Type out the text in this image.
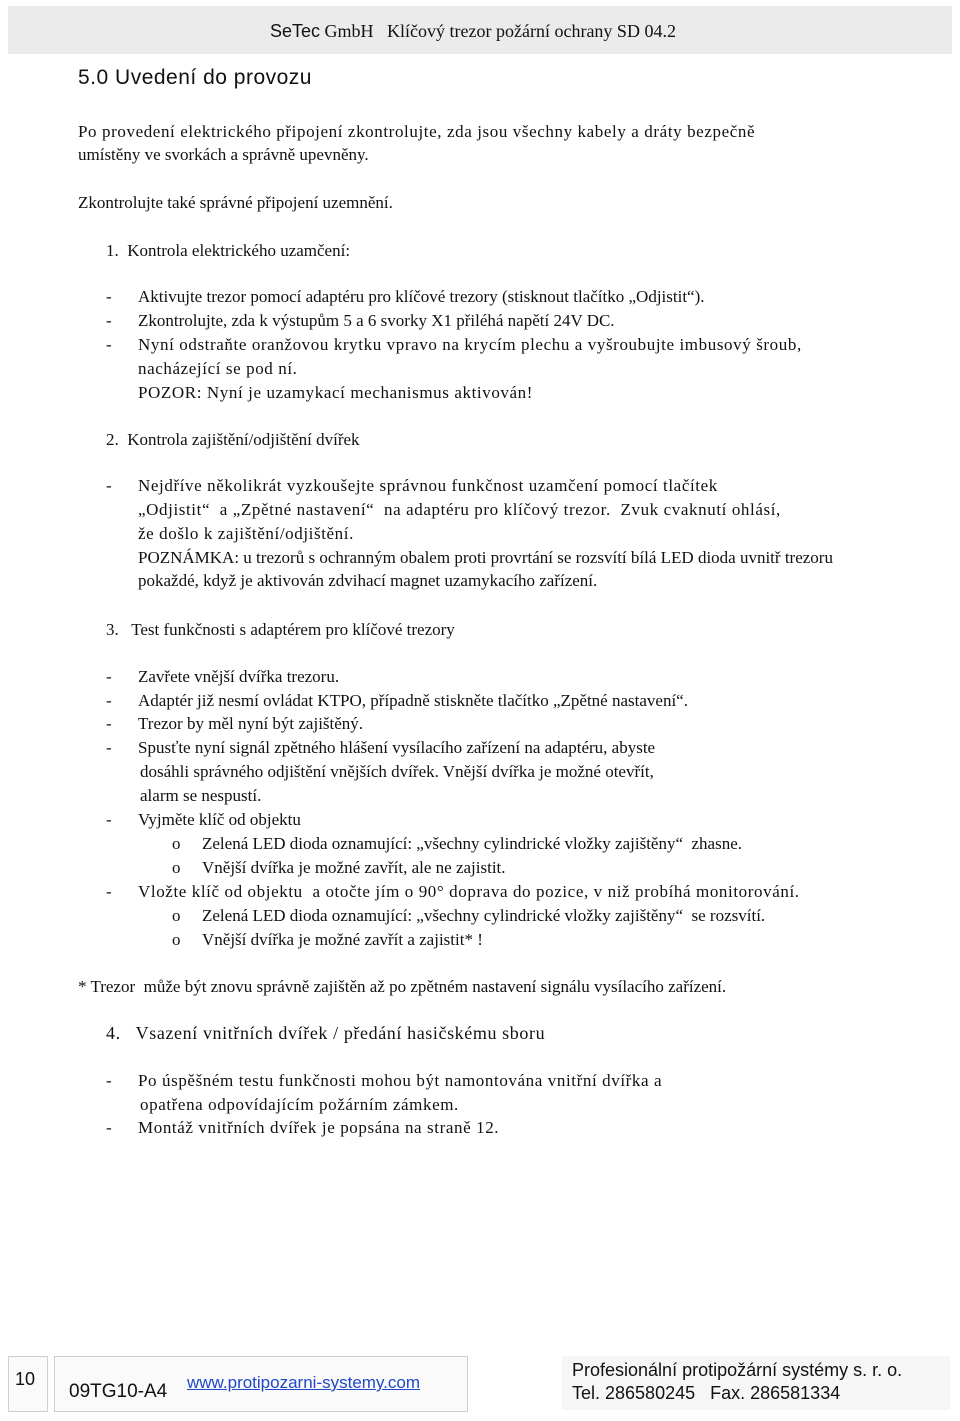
SeTec GmbH   Klíčový trezor požární ochrany SD 04.2
5.0 Uvedení do provozu
Po provedení elektrického připojení zkontrolujte, zda jsou všechny kabely a dráty bezpečně
umístěny ve svorkách a správně upevněny.
Zkontrolujte také správné připojení uzemnění.
1.  Kontrola elektrického uzamčení:
- Aktivujte trezor pomocí adaptéru pro klíčové trezory (stisknout tlačítko „Odjistit“).
- Zkontrolujte, zda k výstupům 5 a 6 svorky X1 přiléhá napětí 24V DC.
- Nyní odstraňte oranžovou krytku vpravo na krycím plechu a vyšroubujte imbusový šroub,
nacházející se pod ní.
POZOR: Nyní je uzamykací mechanismus aktivován!
2.  Kontrola zajištění/odjištění dvířek
- Nejdříve několikrát vyzkoušejte správnou funkčnost uzamčení pomocí tlačítek
„Odjistit“  a „Zpětné nastavení“  na adaptéru pro klíčový trezor.  Zvuk cvaknutí ohlásí,
že došlo k zajištění/odjištění.
POZNÁMKA: u trezorů s ochranným obalem proti provrtání se rozsvítí bílá LED dioda uvnitř trezoru
pokaždé, když je aktivován zdvihací magnet uzamykacího zařízení.
3.   Test funkčnosti s adaptérem pro klíčové trezory
- Zavřete vnější dvířka trezoru.
- Adaptér již nesmí ovládat KTPO, případně stiskněte tlačítko „Zpětné nastavení“.
- Trezor by měl nyní být zajištěný.
- Spusťte nyní signál zpětného hlášení vysílacího zařízení na adaptéru, abyste
dosáhli správného odjištění vnějších dvířek. Vnější dvířka je možné otevřít,
alarm se nespustí.
- Vyjměte klíč od objektu
o Zelená LED dioda oznamující: „všechny cylindrické vložky zajištěny“  zhasne.
o Vnější dvířka je možné zavřít, ale ne zajistit.
- Vložte klíč od objektu  a otočte jím o 90° doprava do pozice, v niž probíhá monitorování.
o Zelená LED dioda oznamující: „všechny cylindrické vložky zajištěny“  se rozsvítí.
o Vnější dvířka je možné zavřít a zajistit* !
* Trezor  může být znovu správně zajištěn až po zpětném nastavení signálu vysílacího zařízení.
4.   Vsazení vnitřních dvířek / předání hasičskému sboru
- Po úspěšném testu funkčnosti mohou být namontována vnitřní dvířka a
opatřena odpovídajícím požárním zámkem.
- Montáž vnitřních dvířek je popsána na straně 12.
10
09TG10-A4 www.protipozarni-systemy.com
Profesionální protipožární systémy s. r. o.
Tel. 286580245   Fax. 286581334
